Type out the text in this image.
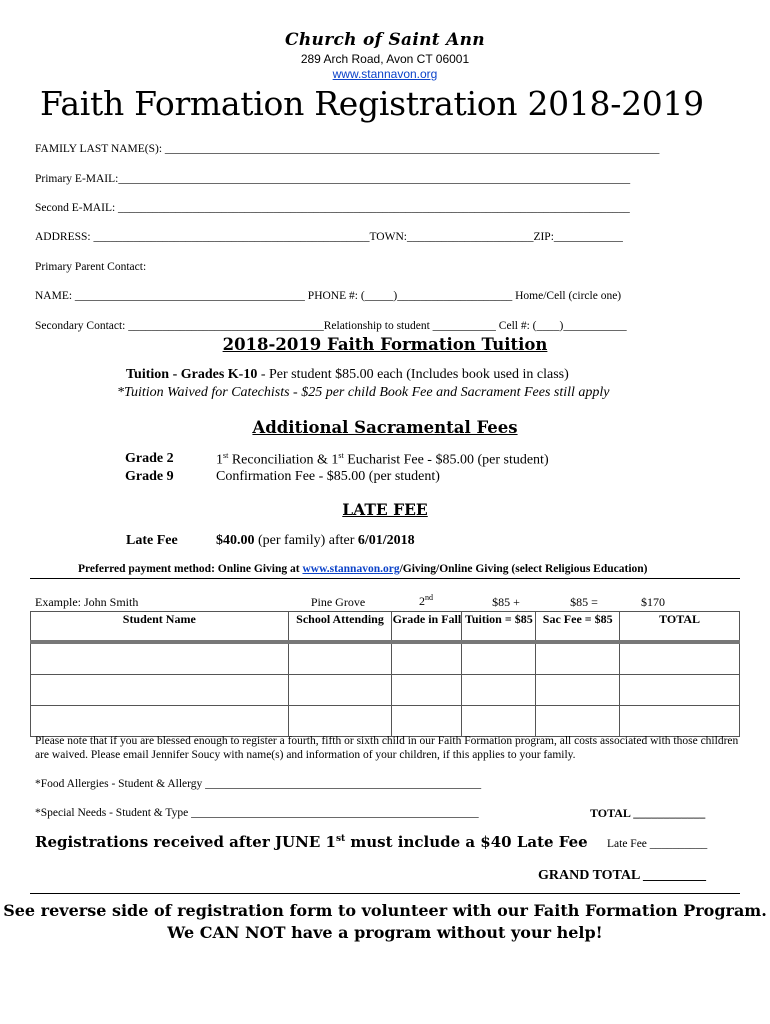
Church of Saint Ann
289 Arch Road, Avon CT 06001
www.stannavon.org
Faith Formation Registration 2018-2019
FAMILY LAST NAME(S): ______________________________________________________________________________________
Primary E-MAIL:_________________________________________________________________________________________
Second E-MAIL: _________________________________________________________________________________________
ADDRESS: ________________________________________________TOWN:______________________ZIP:____________
Primary Parent Contact:
NAME: ________________________________________ PHONE #: (_____)____________________ Home/Cell (circle one)
Secondary Contact: __________________________________Relationship to student ___________ Cell #: (____)___________
2018-2019 Faith Formation Tuition
Tuition - Grades K-10 - Per student $85.00 each (Includes book used in class)
*Tuition Waived for Catechists - $25 per child Book Fee and Sacrament Fees still apply
Additional Sacramental Fees
Grade 2	1st Reconciliation & 1st Eucharist Fee - $85.00 (per student)
Grade 9	Confirmation Fee - $85.00 (per student)
LATE FEE
Late Fee	$40.00 (per family) after 6/01/2018
Preferred payment method: Online Giving at www.stannavon.org/Giving/Online Giving (select Religious Education)
Example: John Smith	Pine Grove	2nd	$85 +	$85 =	$170
Student Name	School Attending	Grade in Fall	Tuition = $85	Sac Fee = $85	TOTAL

Please note that if you are blessed enough to register a fourth, fifth or sixth child in our Faith Formation program, all costs associated with those children are waived. Please email Jennifer Soucy with name(s) and information of your children, if this applies to your family.
*Food Allergies - Student & Allergy ________________________________________________
*Special Needs - Student & Type __________________________________________________	TOTAL ____________
Late Fee __________
GRAND TOTAL _________
Registrations received after JUNE 1st must include a $40 Late Fee
See reverse side of registration form to volunteer with our Faith Formation Program.
We CAN NOT have a program without your help!
